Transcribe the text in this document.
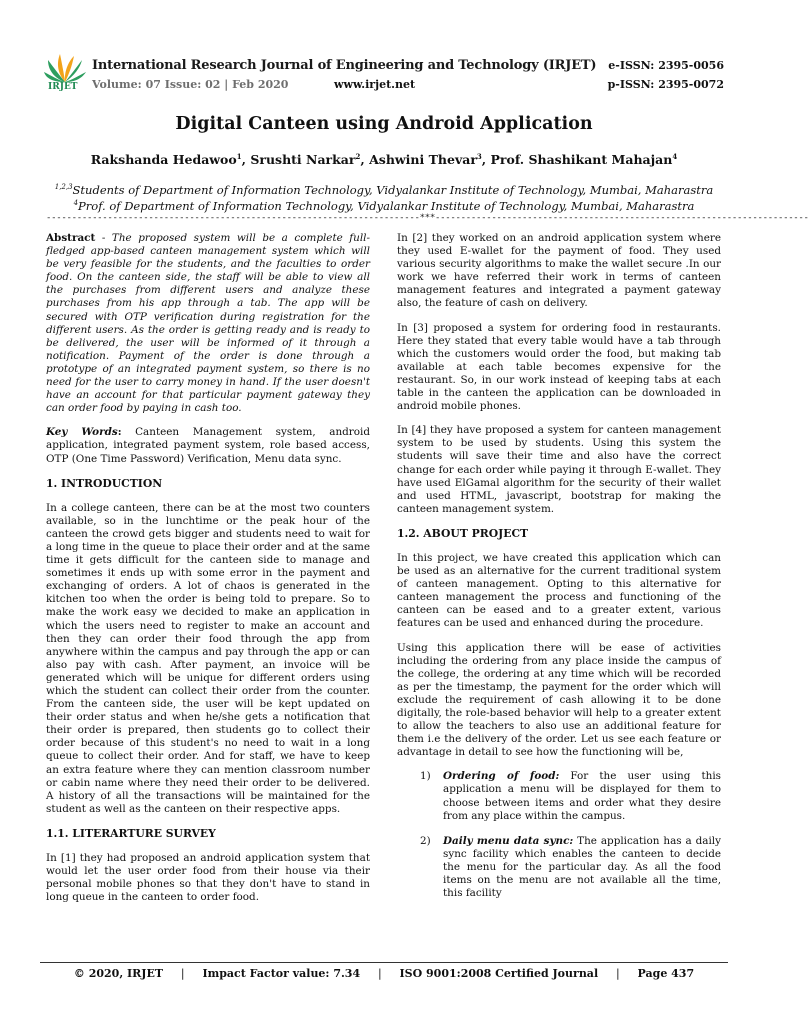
IRJET
International Research Journal of Engineering and Technology (IRJET)
Volume: 07 Issue: 02 | Feb 2020	www.irjet.net
e-ISSN: 2395-0056
p-ISSN: 2395-0072
Digital Canteen using Android Application
Rakshanda Hedawoo$^1$, Srushti Narkar$^2$, Ashwini Thevar$^3$, Prof. Shashikant Mahajan$^4$
$^{1,2,3}$Students of Department of Information Technology, Vidyalankar Institute of Technology, Mumbai, Maharastra
$^4$Prof. of Department of Information Technology, Vidyalankar Institute of Technology, Mumbai, Maharastra
-------------------------------------------------------------------------***-------------------------------------------------------------------------

Abstract - The proposed system will be a complete full-fledged app-based canteen management system which will be very feasible for the students, and the faculties to order food. On the canteen side, the staff will be able to view all the purchases from different users and analyze these purchases from his app through a tab. The app will be secured with OTP verification during registration for the different users. As the order is getting ready and is ready to be delivered, the user will be informed of it through a notification. Payment of the order is done through a prototype of an integrated payment system, so there is no need for the user to carry money in hand. If the user doesn't have an account for that particular payment gateway they can order food by paying in cash too.

Key Words: Canteen Management system, android application, integrated payment system, role based access, OTP (One Time Password) Verification, Menu data sync.

1. INTRODUCTION

In a college canteen, there can be at the most two counters available, so in the lunchtime or the peak hour of the canteen the crowd gets bigger and students need to wait for a long time in the queue to place their order and at the same time it gets difficult for the canteen side to manage and sometimes it ends up with some error in the payment and exchanging of orders. A lot of chaos is generated in the kitchen too when the order is being told to prepare. So to make the work easy we decided to make an application in which the users need to register to make an account and then they can order their food through the app from anywhere within the campus and pay through the app or can also pay with cash. After payment, an invoice will be generated which will be unique for different orders using which the student can collect their order from the counter. From the canteen side, the user will be kept updated on their order status and when he/she gets a notification that their order is prepared, then students go to collect their order because of this student's no need to wait in a long queue to collect their order. And for staff, we have to keep an extra feature where they can mention classroom number or cabin name where they need their order to be delivered. A history of all the transactions will be maintained for the student as well as the canteen on their respective apps.

1.1. LITERARTURE SURVEY

In [1] they had proposed an android application system that would let the user order food from their house via their personal mobile phones so that they don't have to stand in long queue in the canteen to order food.

In [2] they worked on an android application system where they used E-wallet for the payment of food. They used various security algorithms to make the wallet secure .In our work we have referred their work in terms of canteen management features and integrated a payment gateway also, the feature of cash on delivery.

In [3] proposed a system for ordering food in restaurants. Here they stated that every table would have a tab through which the customers would order the food, but making tab available at each table becomes expensive for the restaurant. So, in our work instead of keeping tabs at each table in the canteen the application can be downloaded in android mobile phones.

In [4] they have proposed a system for canteen management system to be used by students. Using this system the students will save their time and also have the correct change for each order while paying it through E-wallet. They have used ElGamal algorithm for the security of their wallet and used HTML, javascript, bootstrap for making the canteen management system.

1.2. ABOUT PROJECT

In this project, we have created this application which can be used as an alternative for the current traditional system of canteen management. Opting to this alternative for canteen management the process and functioning of the canteen can be eased and to a greater extent, various features can be used and enhanced during the procedure.

Using this application there will be ease of activities including the ordering from any place inside the campus of the college, the ordering at any time which will be recorded as per the timestamp, the payment for the order which will exclude the requirement of cash allowing it to be done digitally, the role-based behavior will help to a greater extent to allow the teachers to also use an additional feature for them i.e the delivery of the order. Let us see each feature or advantage in detail to see how the functioning will be,

1) Ordering of food: For the user using this application a menu will be displayed for them to choose between items and order what they desire from any place within the campus.
2) Daily menu data sync: The application has a daily sync facility which enables the canteen to decide the menu for the particular day. As all the food items on the menu are not available all the time, this facility
© 2020, IRJET | Impact Factor value: 7.34 | ISO 9001:2008 Certified Journal | Page 437
